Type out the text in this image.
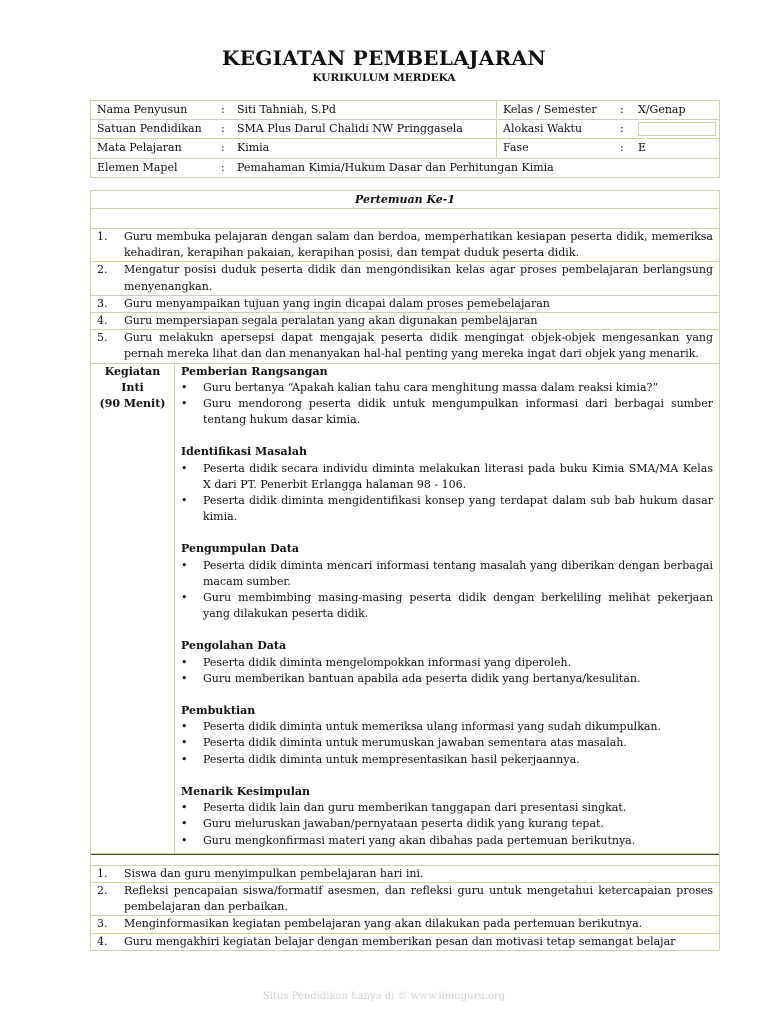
KEGIATAN PEMBELAJARAN
KURIKULUM MERDEKA
Nama Penyusun	:	Siti Tahniah, S.Pd	Kelas / Semester	:	X/Genap
Satuan Pendidikan	:	SMA Plus Darul Chalidi NW Pringgasela	Alokasi Waktu	:
Mata Pelajaran	:	Kimia	Fase	:	E
Elemen Mapel	:	Pemahaman Kimia/Hukum Dasar dan Perhitungan Kimia
Pertemuan Ke-1
1.	Guru membuka pelajaran dengan salam dan berdoa, memperhatikan kesiapan peserta didik, memeriksa kehadiran, kerapihan pakaian, kerapihan posisi, dan tempat duduk peserta didik.
2.	Mengatur posisi duduk peserta didik dan mengondisikan kelas agar proses pembelajaran berlangsung menyenangkan.
3.	Guru menyampaikan tujuan yang ingin dicapai dalam proses pemebelajaran
4.	Guru mempersiapan segala peralatan yang akan digunakan pembelajaran
5.	Guru melakukn apersepsi dapat mengajak peserta didik mengingat objek-objek mengesankan yang pernah mereka lihat dan dan menanyakan hal-hal penting yang mereka ingat dari objek yang menarik.
Kegiatan
Inti
(90 Menit)
Pemberian Rangsangan
•	Guru bertanya “Apakah kalian tahu cara menghitung massa dalam reaksi kimia?”
•	Guru mendorong peserta didik untuk mengumpulkan informasi dari berbagai sumber tentang hukum dasar kimia.
Identifikasi Masalah
•	Peserta didik secara individu diminta melakukan literasi pada buku Kimia SMA/MA Kelas X dari PT. Penerbit Erlangga halaman 98 - 106.
•	Peserta didik diminta mengidentifikasi konsep yang terdapat dalam sub bab hukum dasar kimia.
Pengumpulan Data
•	Peserta didik diminta mencari informasi tentang masalah yang diberikan dengan berbagai macam sumber.
•	Guru membimbing masing-masing peserta didik dengan berkeliling melihat pekerjaan yang dilakukan peserta didik.
Pengolahan Data
•	Peserta didik diminta mengelompokkan informasi yang diperoleh.
•	Guru memberikan bantuan apabila ada peserta didik yang bertanya/kesulitan.
Pembuktian
•	Peserta didik diminta untuk memeriksa ulang informasi yang sudah dikumpulkan.
•	Peserta didik diminta untuk merumuskan jawaban sementara atas masalah.
•	Peserta didik diminta untuk mempresentasikan hasil pekerjaannya.
Menarik Kesimpulan
•	Peserta didik lain dan guru memberikan tanggapan dari presentasi singkat.
•	Guru meluruskan jawaban/pernyataan peserta didik yang kurang tepat.
•	Guru mengkonfirmasi materi yang akan dibahas pada pertemuan berikutnya.
1.	Siswa dan guru menyimpulkan pembelajaran hari ini.
2.	Refleksi pencapaian siswa/formatif asesmen, dan refleksi guru untuk mengetahui ketercapaian proses pembelajaran dan perbaikan.
3.	Menginformasikan kegiatan pembelajaran yang akan dilakukan pada pertemuan berikutnya.
4.	Guru mengakhiri kegiatan belajar dengan memberikan pesan dan motivasi tetap semangat belajar
Situs Pendidikan hanya di © www.ilmuguru.org
